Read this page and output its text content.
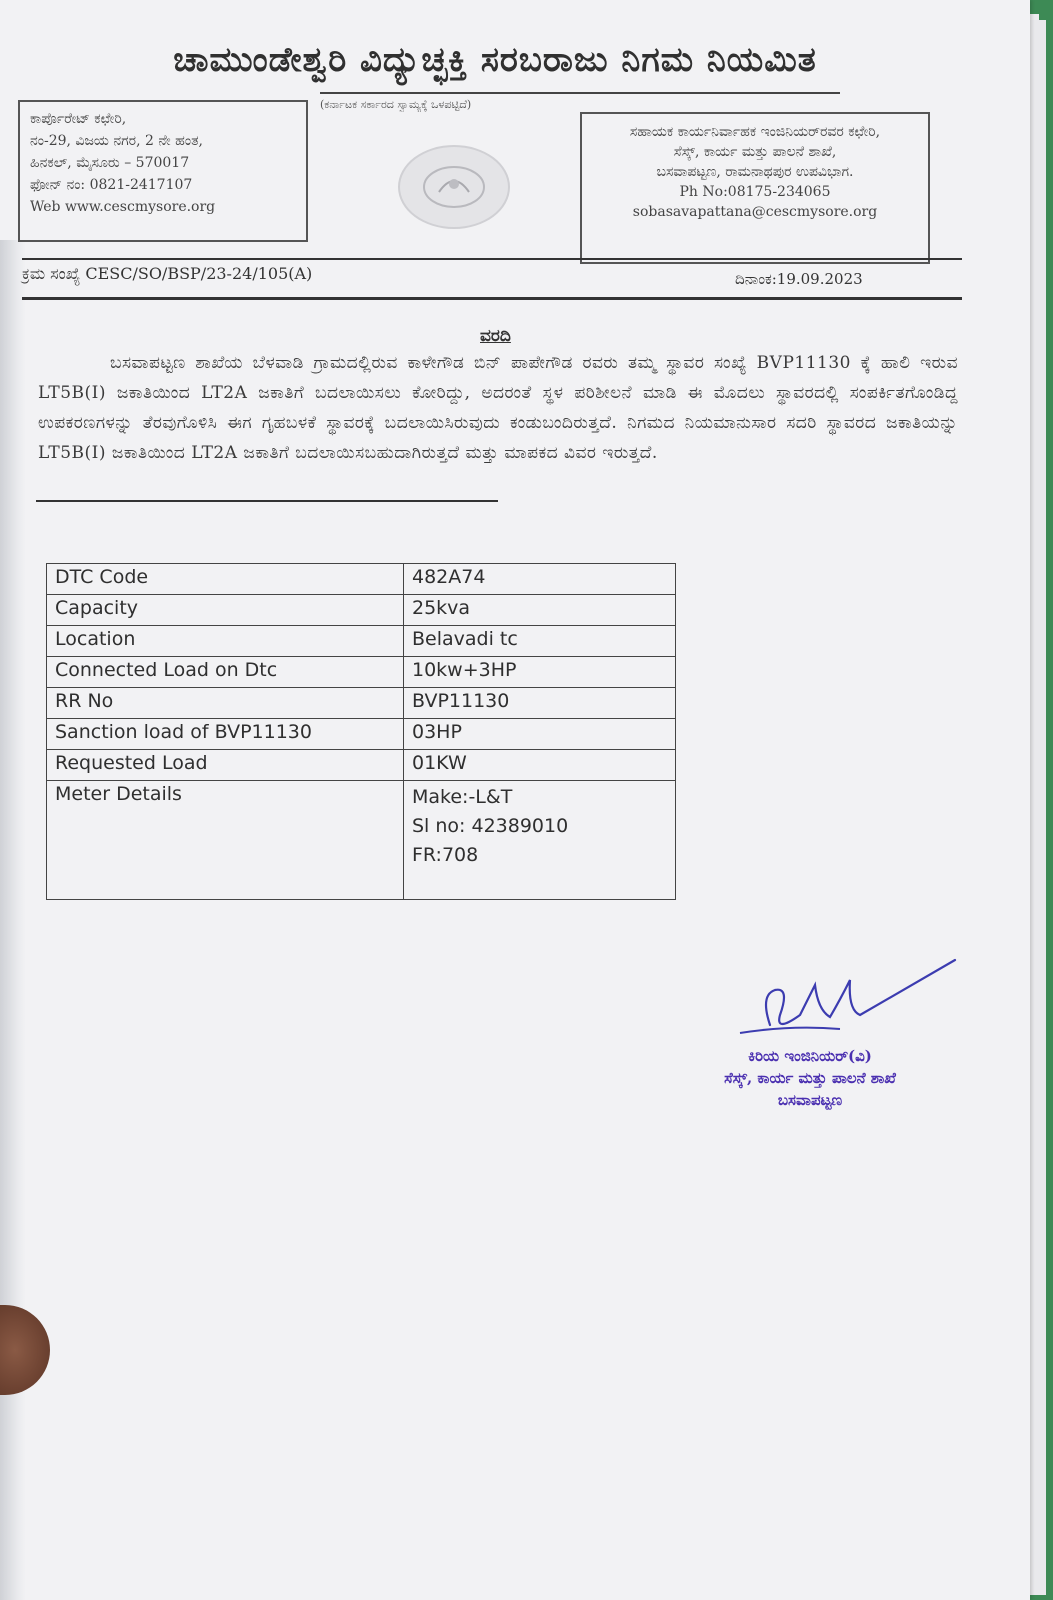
ಚಾಮುಂಡೇಶ್ವರಿ ವಿದ್ಯುಚ್ಛಕ್ತಿ ಸರಬರಾಜು ನಿಗಮ ನಿಯಮಿತ
(ಕರ್ನಾಟಕ ಸರ್ಕಾರದ ಸ್ವಾಮ್ಯಕ್ಕೆ ಒಳಪಟ್ಟಿದೆ)
ಕಾರ್ಪೊರೇಟ್ ಕಛೇರಿ,
ನಂ-29, ವಿಜಯ ನಗರ, 2 ನೇ ಹಂತ,
ಹಿನಕಲ್, ಮೈಸೂರು – 570017
ಫೋನ್ ನಂ: 0821-2417107
Web www.cescmysore.org
ಸಹಾಯಕ ಕಾರ್ಯನಿರ್ವಾಹಕ ಇಂಜಿನಿಯರ್‌ರವರ ಕಛೇರಿ,
ಸೆಸ್ಕ್, ಕಾರ್ಯ ಮತ್ತು ಪಾಲನೆ ಶಾಖೆ,
ಬಸವಾಪಟ್ಟಣ, ರಾಮನಾಥಪುರ ಉಪವಿಭಾಗ.
Ph No:08175-234065
sobasavapattana@cescmysore.org
ಕ್ರಮ ಸಂಖ್ಯೆ CESC/SO/BSP/23-24/105(A)	ದಿನಾಂಕ:19.09.2023
ವರದಿ
ಬಸವಾಪಟ್ಟಣ ಶಾಖೆಯ ಬೆಳವಾಡಿ ಗ್ರಾಮದಲ್ಲಿರುವ ಕಾಳೇಗೌಡ ಬಿನ್ ಪಾಪೇಗೌಡ ರವರು ತಮ್ಮ ಸ್ಥಾವರ ಸಂಖ್ಯೆ BVP11130 ಕ್ಕೆ ಹಾಲಿ ಇರುವ LT5B(I) ಜಕಾತಿಯಿಂದ LT2A ಜಕಾತಿಗೆ ಬದಲಾಯಿಸಲು ಕೋರಿದ್ದು, ಅದರಂತೆ ಸ್ಥಳ ಪರಿಶೀಲನೆ ಮಾಡಿ ಈ ಮೊದಲು ಸ್ಥಾವರದಲ್ಲಿ ಸಂಪರ್ಕಿತಗೊಂಡಿದ್ದ ಉಪಕರಣಗಳನ್ನು ತೆರವುಗೊಳಿಸಿ ಈಗ ಗೃಹಬಳಕೆ ಸ್ಥಾವರಕ್ಕೆ ಬದಲಾಯಿಸಿರುವುದು ಕಂಡುಬಂದಿರುತ್ತದೆ. ನಿಗಮದ ನಿಯಮಾನುಸಾರ ಸದರಿ ಸ್ಥಾವರದ ಜಕಾತಿಯನ್ನು LT5B(I) ಜಕಾತಿಯಿಂದ LT2A ಜಕಾತಿಗೆ ಬದಲಾಯಿಸಬಹುದಾಗಿರುತ್ತದೆ ಮತ್ತು ಮಾಪಕದ ವಿವರ ಇರುತ್ತದೆ.
DTC Code	482A74
Capacity	25kva
Location	Belavadi tc
Connected Load on Dtc	10kw+3HP
RR No	BVP11130
Sanction load of BVP11130	03HP
Requested Load	01KW
Meter Details	Make:-L&T
Sl no: 42389010
FR:708
ಕಿರಿಯ ಇಂಜಿನಿಯರ್(ವಿ)
ಸೆಸ್ಕ್, ಕಾರ್ಯ ಮತ್ತು ಪಾಲನೆ ಶಾಖೆ
ಬಸವಾಪಟ್ಟಣ
